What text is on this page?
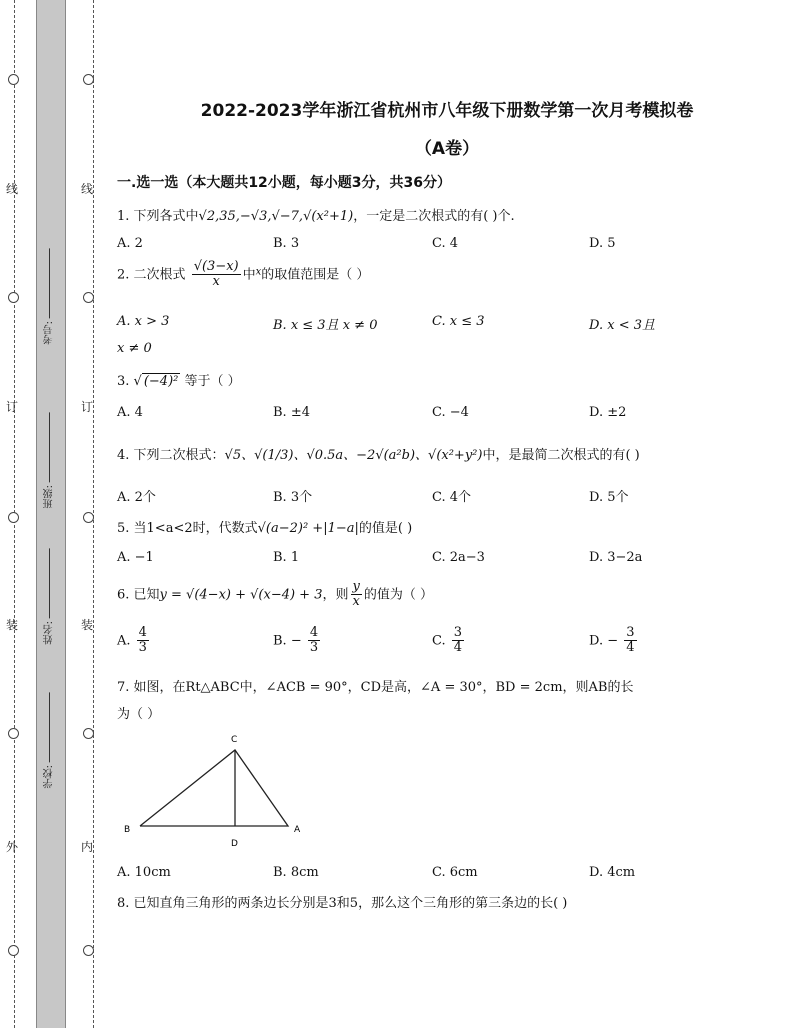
线
订
装
外
线
订
装
内
考号:
班级:
姓名:
学校:
2022-2023学年浙江省杭州市八年级下册数学第一次月考模拟卷
（A卷）
一.选一选（本大题共12小题，每小题3分，共36分）
1. 下列各式中√2,35,−√3,√−7,√(x²+1)，一定是二次根式的有( )个.
A. 2	B. 3	C. 4	D. 5
2. 二次根式 $\frac{√(3-x)}{x}$ 中$^x$的取值范围是（ ）
A. x > 3	B. x ≤ 3且 x ≠ 0	C. x ≤ 3	D. x < 3且
x ≠ 0
3. √ (−4)² 等于（ ）
A. 4	B. ±4	C. −4	D. ±2
4. 下列二次根式：√5、√(1/3)、√0.5a、−2√(a²b)、√(x²+y²)中，是最简二次根式的有( )
A. 2个	B. 3个	C. 4个	D. 5个
5. 当1<a<2时，代数式√(a−2)² +|1−a|的值是( )
A. −1	B. 1	C. 2a−3	D. 3−2a
6. 已知y = √(4−x) + √(x−4) + 3，则 $\frac{y}{x}$ 的值为（ ）
A. $\frac{4}{3}$	B. − $\frac{4}{3}$	C. $\frac{3}{4}$	D. − $\frac{3}{4}$
7. 如图，在Rt△ABC中，∠ACB = 90°，CD是高，∠A = 30°，BD = 2cm，则AB的长
为（ ）
C
B	A
D
A. 10cm	B. 8cm	C. 6cm	D. 4cm
8. 已知直角三角形的两条边长分别是3和5，那么这个三角形的第三条边的长( )
